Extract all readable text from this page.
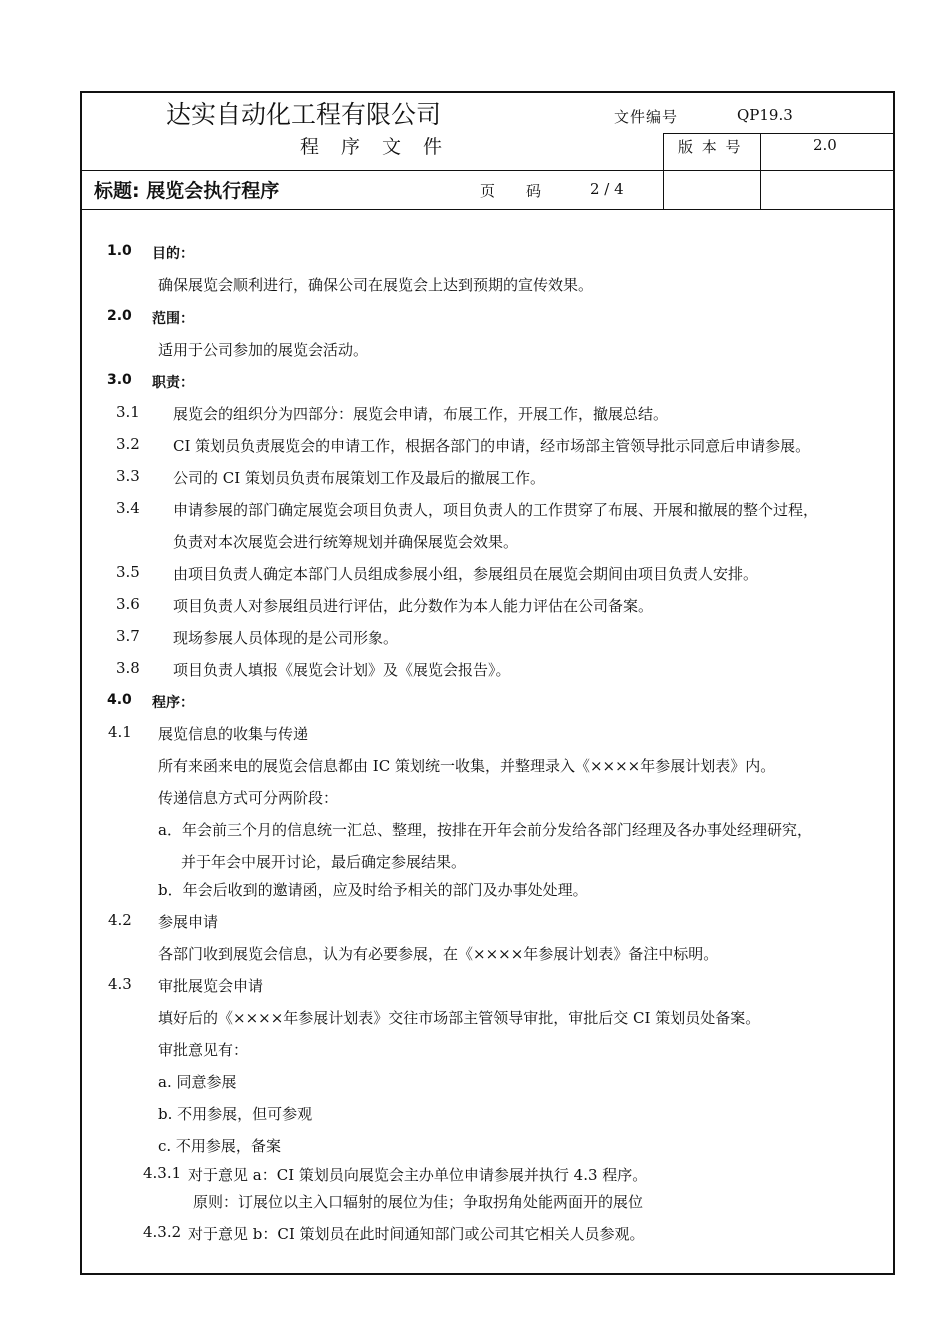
达实自动化工程有限公司
程序文件
文件编号	QP19.3
版 本 号	2.0
标题: 展览会执行程序	页　码	2 / 4
1.0 目的：
确保展览会顺利进行，确保公司在展览会上达到预期的宣传效果。
2.0 范围：
适用于公司参加的展览会活动。
3.0 职责：
3.1 展览会的组织分为四部分：展览会申请，布展工作，开展工作，撤展总结。
3.2 CI 策划员负责展览会的申请工作，根据各部门的申请，经市场部主管领导批示同意后申请参展。
3.3 公司的 CI 策划员负责布展策划工作及最后的撤展工作。
3.4 申请参展的部门确定展览会项目负责人，项目负责人的工作贯穿了布展、开展和撤展的整个过程，
负责对本次展览会进行统筹规划并确保展览会效果。
3.5 由项目负责人确定本部门人员组成参展小组，参展组员在展览会期间由项目负责人安排。
3.6 项目负责人对参展组员进行评估，此分数作为本人能力评估在公司备案。
3.7 现场参展人员体现的是公司形象。
3.8 项目负责人填报《展览会计划》及《展览会报告》。
4.0 程序：
4.1 展览信息的收集与传递
所有来函来电的展览会信息都由 IC 策划统一收集，并整理录入《××××年参展计划表》内。
传递信息方式可分两阶段：
a．年会前三个月的信息统一汇总、整理，按排在开年会前分发给各部门经理及各办事处经理研究，
并于年会中展开讨论，最后确定参展结果。
b．年会后收到的邀请函，应及时给予相关的部门及办事处处理。
4.2 参展申请
各部门收到展览会信息，认为有必要参展，在《××××年参展计划表》备注中标明。
4.3 审批展览会申请
填好后的《××××年参展计划表》交往市场部主管领导审批，审批后交 CI 策划员处备案。
审批意见有：
a. 同意参展
b. 不用参展，但可参观
c. 不用参展，备案
4.3.1 对于意见 a：CI 策划员向展览会主办单位申请参展并执行 4.3 程序。
原则：订展位以主入口辐射的展位为佳；争取拐角处能两面开的展位
4.3.2 对于意见 b：CI 策划员在此时间通知部门或公司其它相关人员参观。
